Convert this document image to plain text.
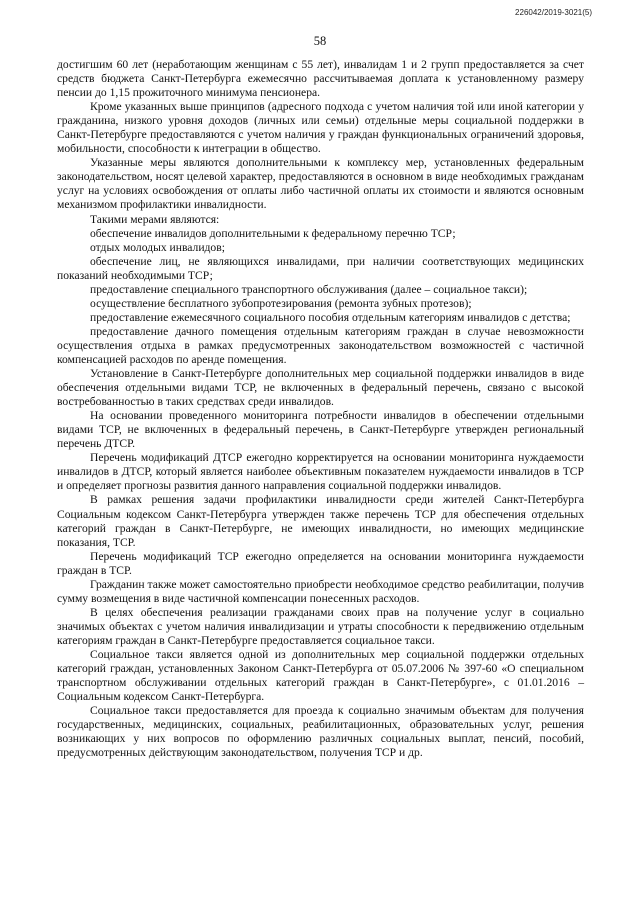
226042/2019-3021(5)
58

достигшим 60 лет (неработающим женщинам с 55 лет), инвалидам 1 и 2 групп предоставляется за счет средств бюджета Санкт-Петербурга ежемесячно рассчитываемая доплата к установленному размеру пенсии до 1,15 прожиточного минимума пенсионера.

Кроме указанных выше принципов (адресного подхода с учетом наличия той или иной категории у гражданина, низкого уровня доходов (личных или семьи) отдельные меры социальной поддержки в Санкт-Петербурге предоставляются с учетом наличия у граждан функциональных ограничений здоровья, мобильности, способности к интеграции в общество.

Указанные меры являются дополнительными к комплексу мер, установленных федеральным законодательством, носят целевой характер, предоставляются в основном в виде необходимых гражданам услуг на условиях освобождения от оплаты либо частичной оплаты их стоимости и являются основным механизмом профилактики инвалидности.

Такими мерами являются:

обеспечение инвалидов дополнительными к федеральному перечню ТСР;

отдых молодых инвалидов;

обеспечение лиц, не являющихся инвалидами, при наличии соответствующих медицинских показаний необходимыми ТСР;

предоставление специального транспортного обслуживания (далее – социальное такси);

осуществление бесплатного зубопротезирования (ремонта зубных протезов);

предоставление ежемесячного социального пособия отдельным категориям инвалидов с детства;

предоставление дачного помещения отдельным категориям граждан в случае невозможности осуществления отдыха в рамках предусмотренных законодательством возможностей с частичной компенсацией расходов по аренде помещения.

Установление в Санкт-Петербурге дополнительных мер социальной поддержки инвалидов в виде обеспечения отдельными видами ТСР, не включенных в федеральный перечень, связано с высокой востребованностью в таких средствах среди инвалидов.

На основании проведенного мониторинга потребности инвалидов в обеспечении отдельными видами ТСР, не включенных в федеральный перечень, в Санкт-Петербурге утвержден региональный перечень ДТСР.

Перечень модификаций ДТСР ежегодно корректируется на основании мониторинга нуждаемости инвалидов в ДТСР, который является наиболее объективным показателем нуждаемости инвалидов в ТСР и определяет прогнозы развития данного направления социальной поддержки инвалидов.

В рамках решения задачи профилактики инвалидности среди жителей Санкт-Петербурга Социальным кодексом Санкт-Петербурга утвержден также перечень ТСР для обеспечения отдельных категорий граждан в Санкт-Петербурге, не имеющих инвалидности, но имеющих медицинские показания, ТСР.

Перечень модификаций ТСР ежегодно определяется на основании мониторинга нуждаемости граждан в ТСР.

Гражданин также может самостоятельно приобрести необходимое средство реабилитации, получив сумму возмещения в виде частичной компенсации понесенных расходов.

В целях обеспечения реализации гражданами своих прав на получение услуг в социально значимых объектах с учетом наличия инвалидизации и утраты способности к передвижению отдельным категориям граждан в Санкт-Петербурге предоставляется социальное такси.

Социальное такси является одной из дополнительных мер социальной поддержки отдельных категорий граждан, установленных Законом Санкт-Петербурга от 05.07.2006 № 397-60 «О специальном транспортном обслуживании отдельных категорий граждан в Санкт-Петербурге», с 01.01.2016 – Социальным кодексом Санкт-Петербурга.

Социальное такси предоставляется для проезда к социально значимым объектам для получения государственных, медицинских, социальных, реабилитационных, образовательных услуг, решения возникающих у них вопросов по оформлению различных социальных выплат, пенсий, пособий, предусмотренных действующим законодательством, получения ТСР и др.
